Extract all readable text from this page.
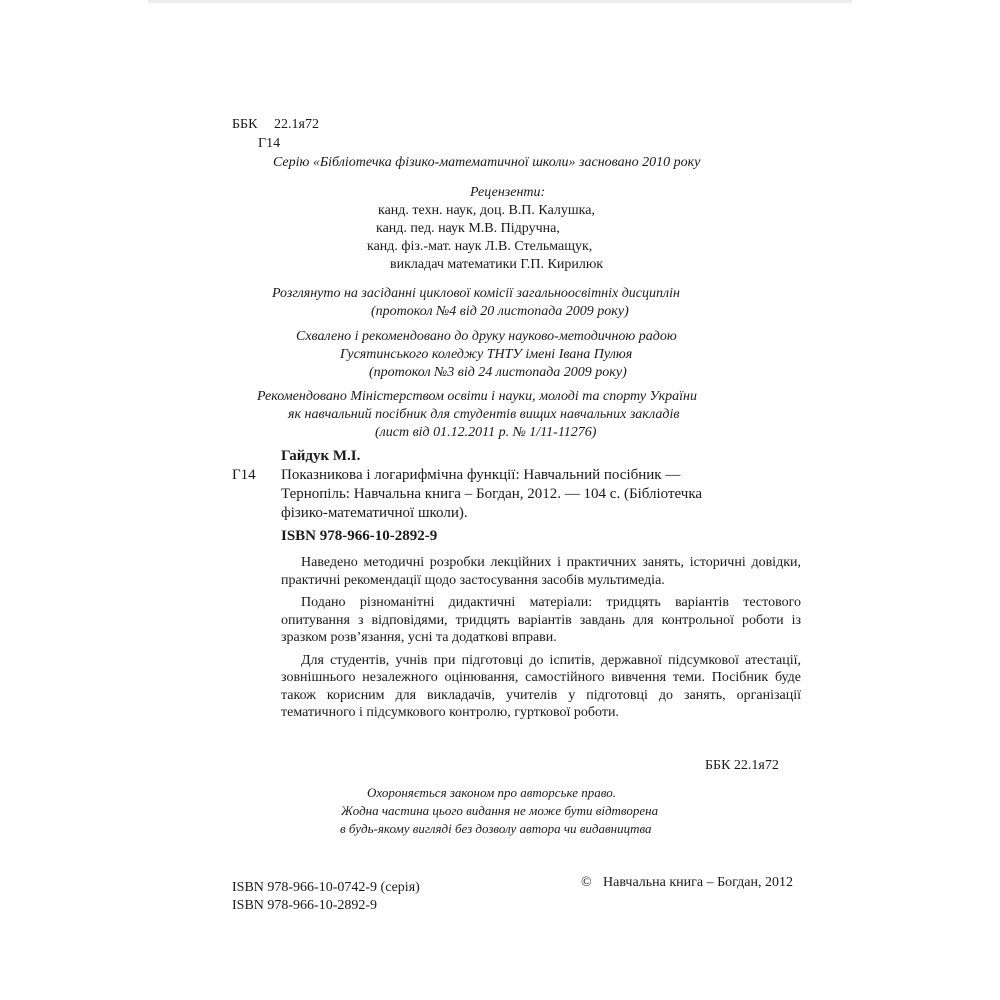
ББК 22.1я72
Г14
Серію «Бібліотечка фізико-математичної школи» засновано 2010 року
Рецензенти:
канд. техн. наук, доц. В.П. Калушка,
канд. пед. наук М.В. Підручна,
канд. фіз.-мат. наук Л.В. Стельмащук,
викладач математики Г.П. Кирилюк
Розглянуто на засіданні циклової комісії загальноосвітніх дисциплін
(протокол №4 від 20 листопада 2009 року)
Схвалено і рекомендовано до друку науково-методичною радою
Гусятинського коледжу ТНТУ імені Івана Пулюя
(протокол №3 від 24 листопада 2009 року)
Рекомендовано Міністерством освіти і науки, молоді та спорту України
як навчальний посібник для студентів вищих навчальних закладів
(лист від 01.12.2011 р. № 1/11-11276)
Гайдук М.І.
Г14 Показникова і логарифмічна функції: Навчальний посібник —
Тернопіль: Навчальна книга – Богдан, 2012. — 104 с. (Бібліотечка
фізико-математичної школи).
ISBN 978-966-10-2892-9

Наведено методичні розробки лекційних і практичних занять, історичні довідки, практичні рекомендації щодо застосування засобів мультимедіа.

Подано різноманітні дидактичні матеріали: тридцять варіантів тестового опитування з відповідями, тридцять варіантів завдань для контрольної роботи із зразком розв’язання, усні та додаткові вправи.

Для студентів, учнів при підготовці до іспитів, державної підсумкової атестації, зовнішнього незалежного оцінювання, самостійного вивчення теми. Посібник буде також корисним для викладачів, учителів у підготовці до занять, організації тематичного і підсумкового контролю, гурткової роботи.

ББК 22.1я72
Охороняється законом про авторське право.
Жодна частина цього видання не може бути відтворена
в будь-якому вигляді без дозволу автора чи видавництва
ISBN 978-966-10-0742-9 (серія)
ISBN 978-966-10-2892-9
© Навчальна книга – Богдан, 2012
